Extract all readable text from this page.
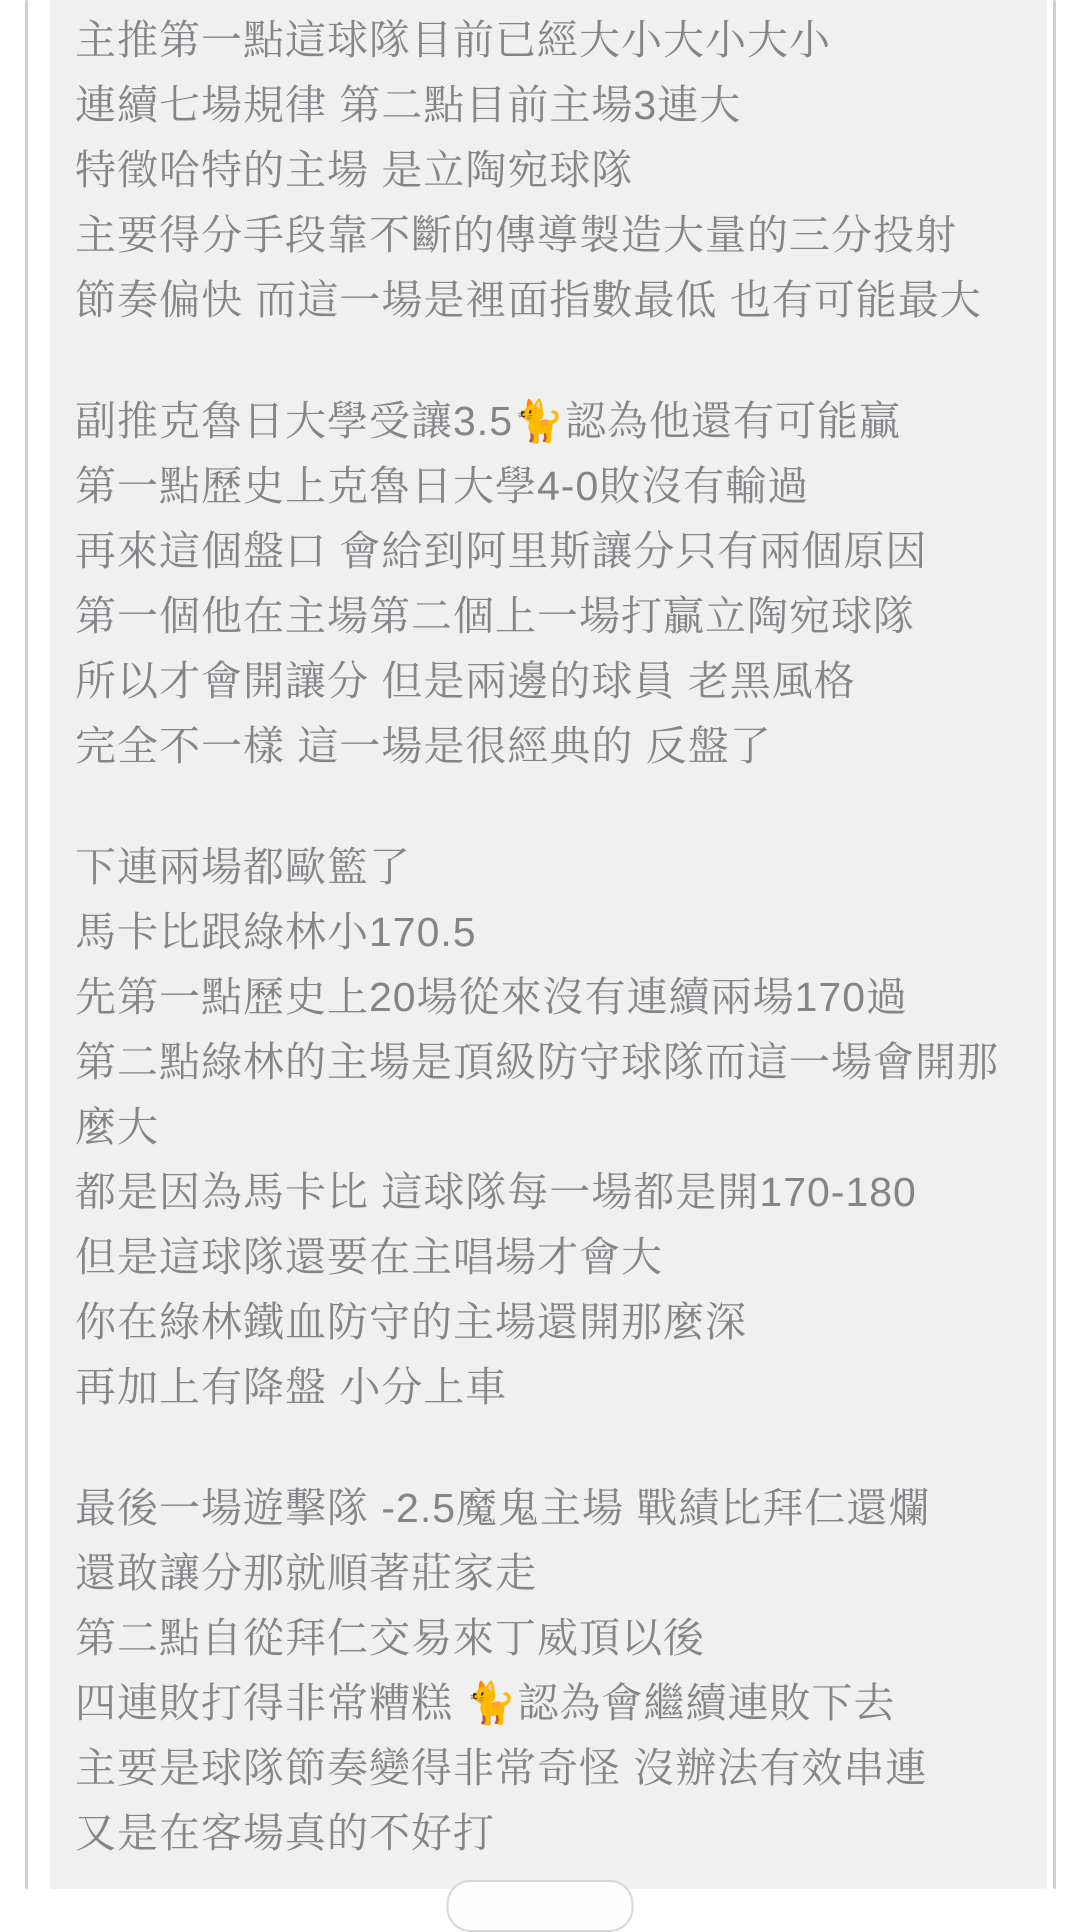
主推第一點這球隊目前已經大小大小大小
連續七場規律 第二點目前主場3連大
特徵哈特的主場 是立陶宛球隊
主要得分手段靠不斷的傳導製造大量的三分投射
節奏偏快 而這一場是裡面指數最低 也有可能最大
副推克魯日大學受讓3.5🐈認為他還有可能贏
第一點歷史上克魯日大學4-0敗沒有輸過
再來這個盤口 會給到阿里斯讓分只有兩個原因
第一個他在主場第二個上一場打贏立陶宛球隊
所以才會開讓分 但是兩邊的球員 老黑風格
完全不一樣 這一場是很經典的 反盤了
下連兩場都歐籃了
馬卡比跟綠林小170.5
先第一點歷史上20場從來沒有連續兩場170過
第二點綠林的主場是頂級防守球隊而這一場會開那
麼大
都是因為馬卡比 這球隊每一場都是開170-180
但是這球隊還要在主唱場才會大
你在綠林鐵血防守的主場還開那麼深
再加上有降盤 小分上車
最後一場遊擊隊 -2.5魔鬼主場 戰績比拜仁還爛
還敢讓分那就順著莊家走
第二點自從拜仁交易來丁威頂以後
四連敗打得非常糟糕 🐈認為會繼續連敗下去
主要是球隊節奏變得非常奇怪 沒辦法有效串連
又是在客場真的不好打
